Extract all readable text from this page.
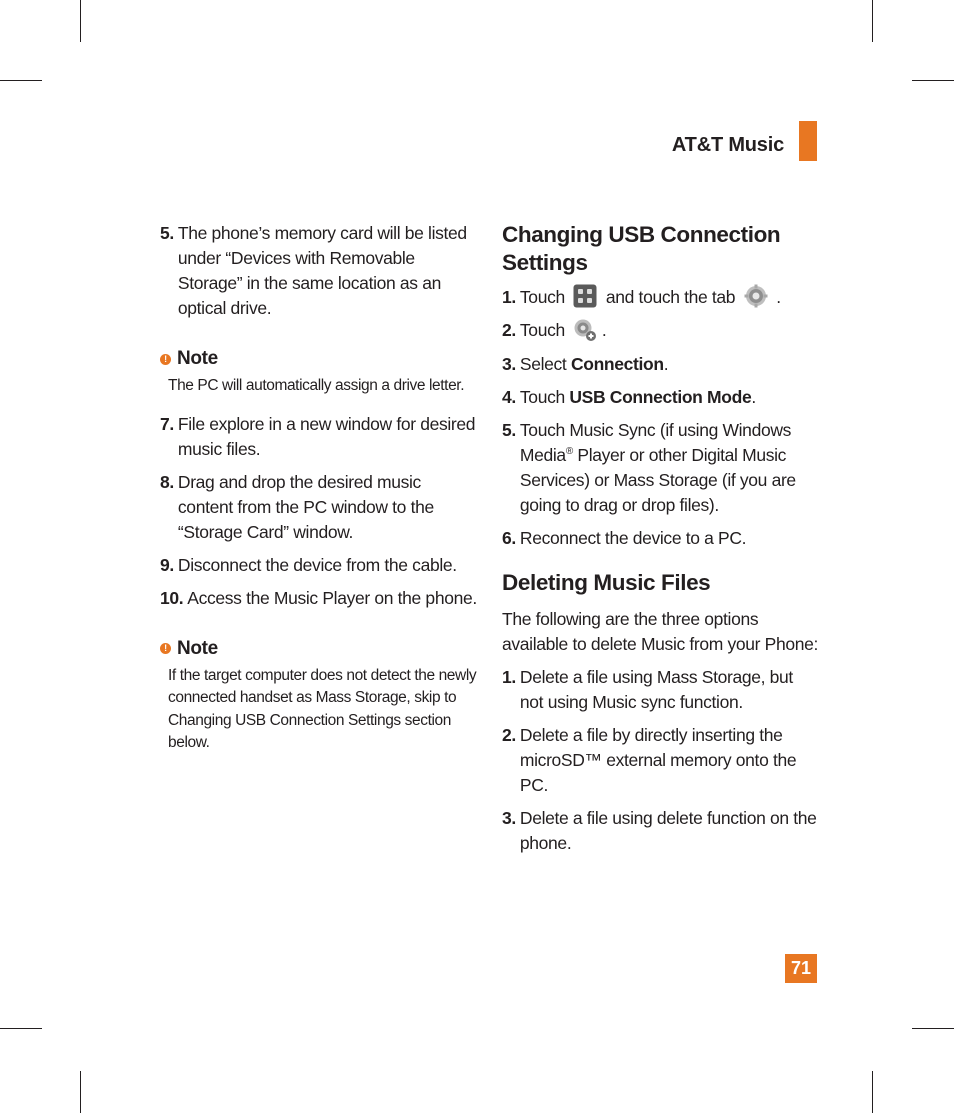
AT&T Music
5. The phone’s memory card will be listed under “Devices with Removable Storage” in the same location as an optical drive.
! Note
The PC will automatically assign a drive letter.
7. File explore in a new window for desired music files.
8. Drag and drop the desired music content from the PC window to the “Storage Card” window.
9. Disconnect the device from the cable.
10. Access the Music Player on the phone.
! Note
If the target computer does not detect the newly connected handset as Mass Storage, skip to Changing USB Connection Settings section below.
Changing USB Connection Settings
1. Touch and touch the tab .
2. Touch .
3. Select Connection.
4. Touch USB Connection Mode.
5. Touch Music Sync (if using Windows Media® Player or other Digital Music Services) or Mass Storage (if you are going to drag or drop files).
6. Reconnect the device to a PC.
Deleting Music Files
The following are the three options available to delete Music from your Phone:
1. Delete a file using Mass Storage, but not using Music sync function.
2. Delete a file by directly inserting the microSD™ external memory onto the PC.
3. Delete a file using delete function on the phone.
71
